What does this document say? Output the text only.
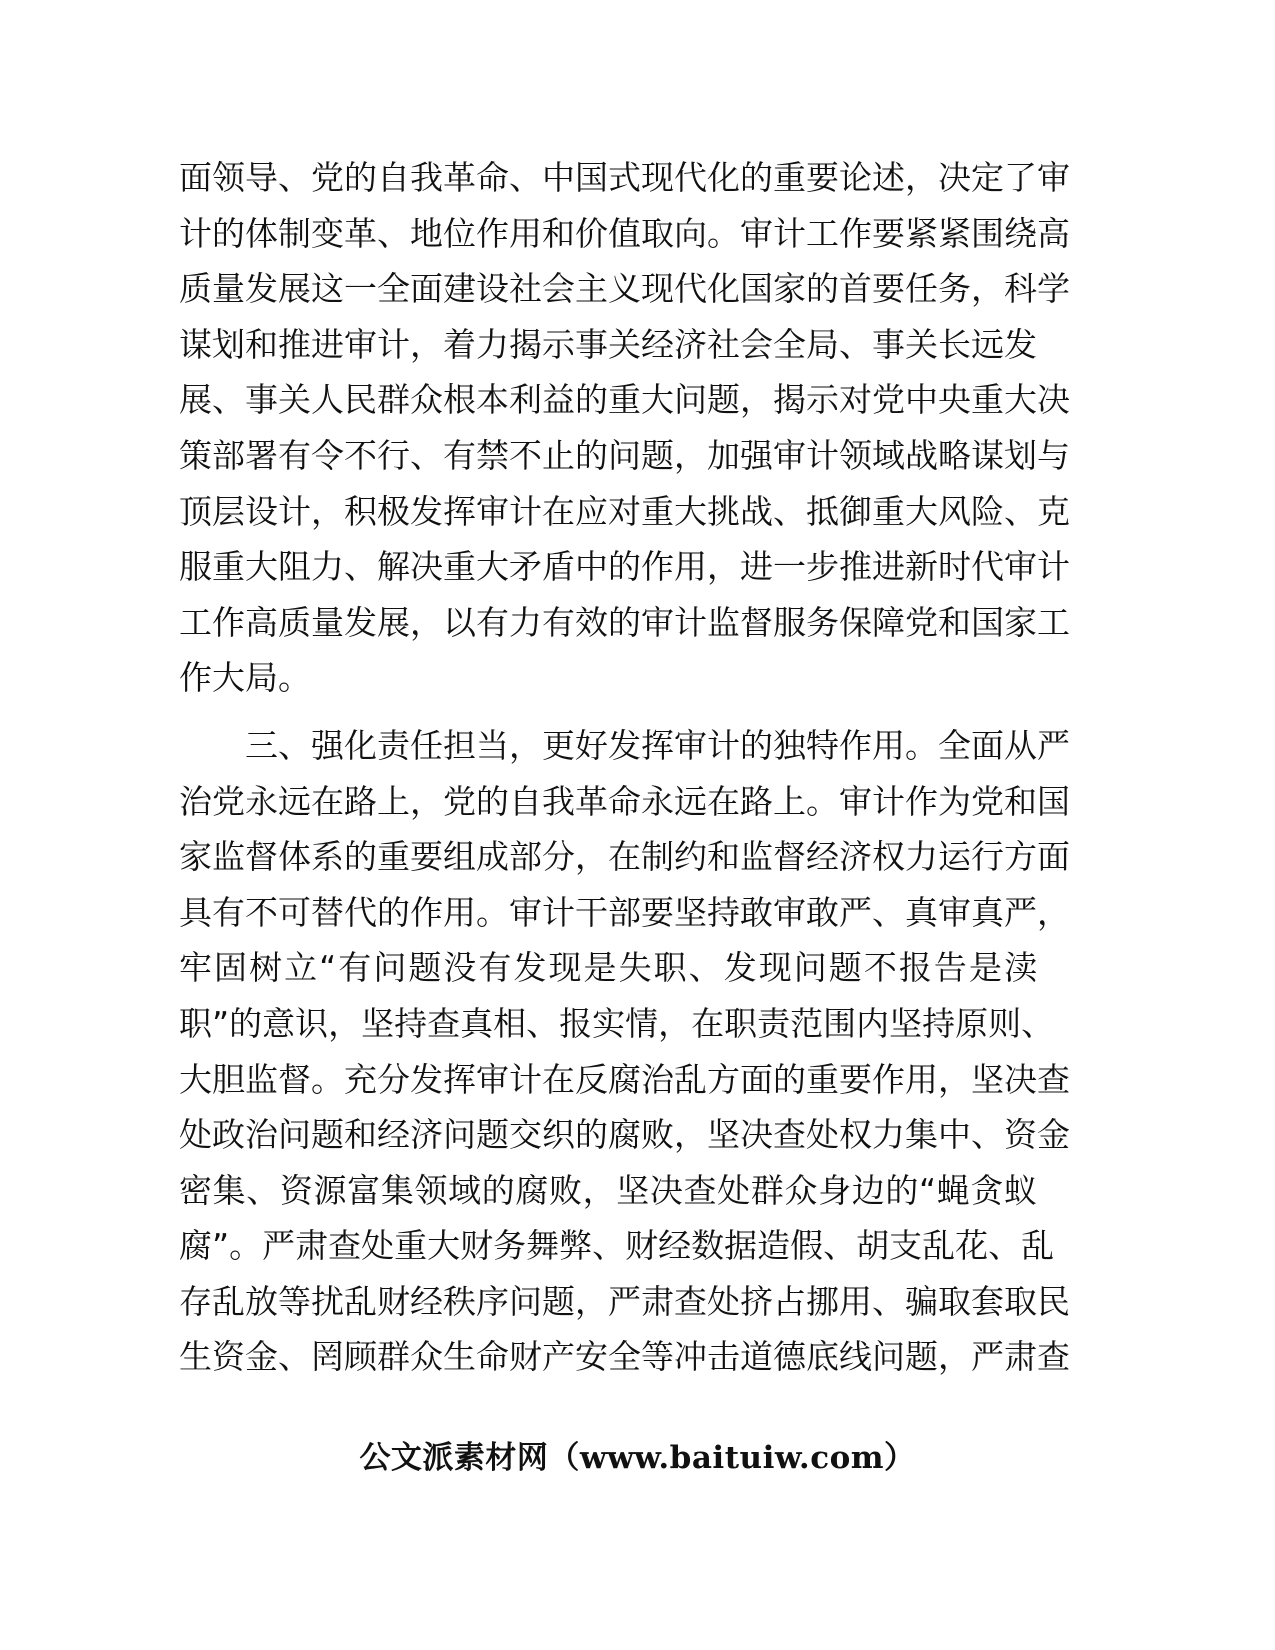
面领导、党的自我革命、中国式现代化的重要论述，决定了审
计的体制变革、地位作用和价值取向。审计工作要紧紧围绕高
质量发展这一全面建设社会主义现代化国家的首要任务，科学
谋划和推进审计，着力揭示事关经济社会全局、事关长远发
展、事关人民群众根本利益的重大问题，揭示对党中央重大决
策部署有令不行、有禁不止的问题，加强审计领域战略谋划与
顶层设计，积极发挥审计在应对重大挑战、抵御重大风险、克
服重大阻力、解决重大矛盾中的作用，进一步推进新时代审计
工作高质量发展，以有力有效的审计监督服务保障党和国家工
作大局。
三、强化责任担当，更好发挥审计的独特作用。全面从严
治党永远在路上，党的自我革命永远在路上。审计作为党和国
家监督体系的重要组成部分，在制约和监督经济权力运行方面
具有不可替代的作用。审计干部要坚持敢审敢严、真审真严，
牢固树立“有问题没有发现是失职、发现问题不报告是渎
职”的意识，坚持查真相、报实情，在职责范围内坚持原则、
大胆监督。充分发挥审计在反腐治乱方面的重要作用，坚决查
处政治问题和经济问题交织的腐败，坚决查处权力集中、资金
密集、资源富集领域的腐败，坚决查处群众身边的“蝇贪蚁
腐”。严肃查处重大财务舞弊、财经数据造假、胡支乱花、乱
存乱放等扰乱财经秩序问题，严肃查处挤占挪用、骗取套取民
生资金、罔顾群众生命财产安全等冲击道德底线问题，严肃查
公文派素材网（www.baituiw.com）
